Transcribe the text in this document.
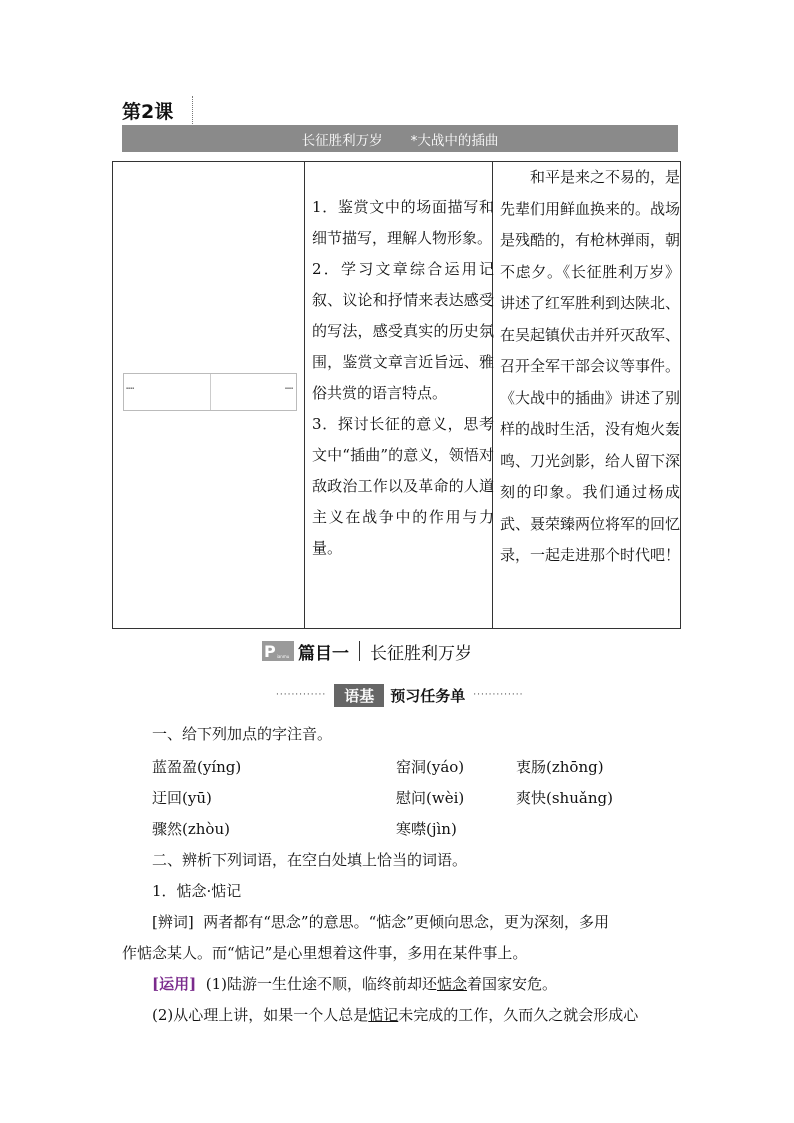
第2课
长征胜利万岁 *大战中的插曲
▪▪▪▪	▪▪▪▪

1．鉴赏文中的场面描写和细节描写，理解人物形象。

2．学习文章综合运用记叙、议论和抒情来表达感受的写法，感受真实的历史氛围，鉴赏文章言近旨远、雅俗共赏的语言特点。

3．探讨长征的意义，思考文中“插曲”的意义，领悟对敌政治工作以及革命的人道主义在战争中的作用与力量。

和平是来之不易的，是先辈们用鲜血换来的。战场是残酷的，有枪林弹雨，朝不虑夕。《长征胜利万岁》讲述了红军胜利到达陕北、在吴起镇伏击并歼灭敌军、召开全军干部会议等事件。《大战中的插曲》讲述了别样的战时生活，没有炮火轰鸣、刀光剑影，给人留下深刻的印象。我们通过杨成武、聂荣臻两位将军的回忆录，一起走进那个时代吧！

P ianmu 篇目一 长征胜利万岁
·············	语基	预习任务单 ·············
一、给下列加点的字注音。
蓝盈盈(yíng)	窑洞(yáo)	衷肠(zhōng)
迂回(yū)	慰问(wèi)	爽快(shuǎng)
骤然(zhòu)	寒噤(jìn)
二、辨析下列词语，在空白处填上恰当的词语。
1．惦念·惦记
[辨词] 两者都有“思念”的意思。“惦念”更倾向思念，更为深刻，多用
作惦念某人。而“惦记”是心里想着这件事，多用在某件事上。
[运用] (1)陆游一生仕途不顺，临终前却还惦念着国家安危。
(2)从心理上讲，如果一个人总是惦记未完成的工作，久而久之就会形成心
